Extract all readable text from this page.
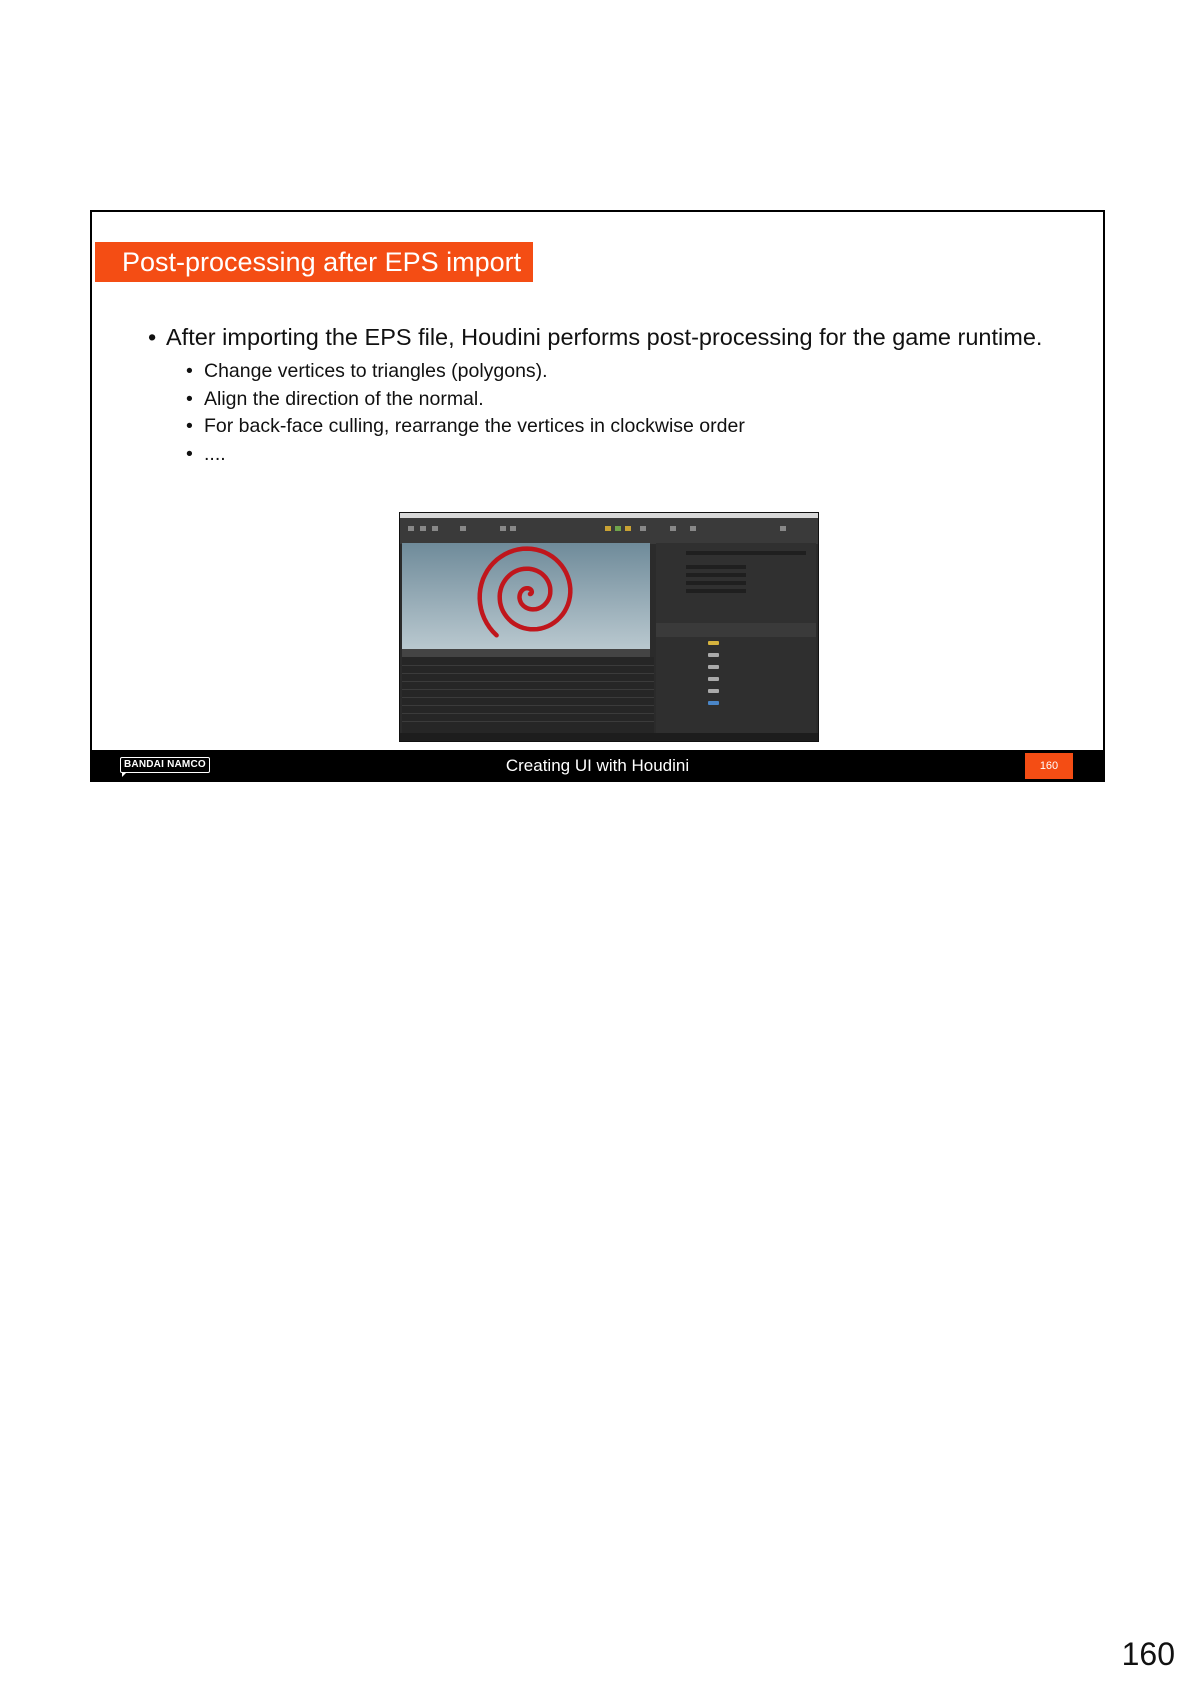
Post-processing after EPS import
• After importing the EPS file, Houdini performs post-processing for the game runtime.
• Change vertices to triangles (polygons).
• Align the direction of the normal.
• For back-face culling, rearrange the vertices in clockwise order
• ....
BANDAI NAMCO	Creating UI with Houdini	160
160
